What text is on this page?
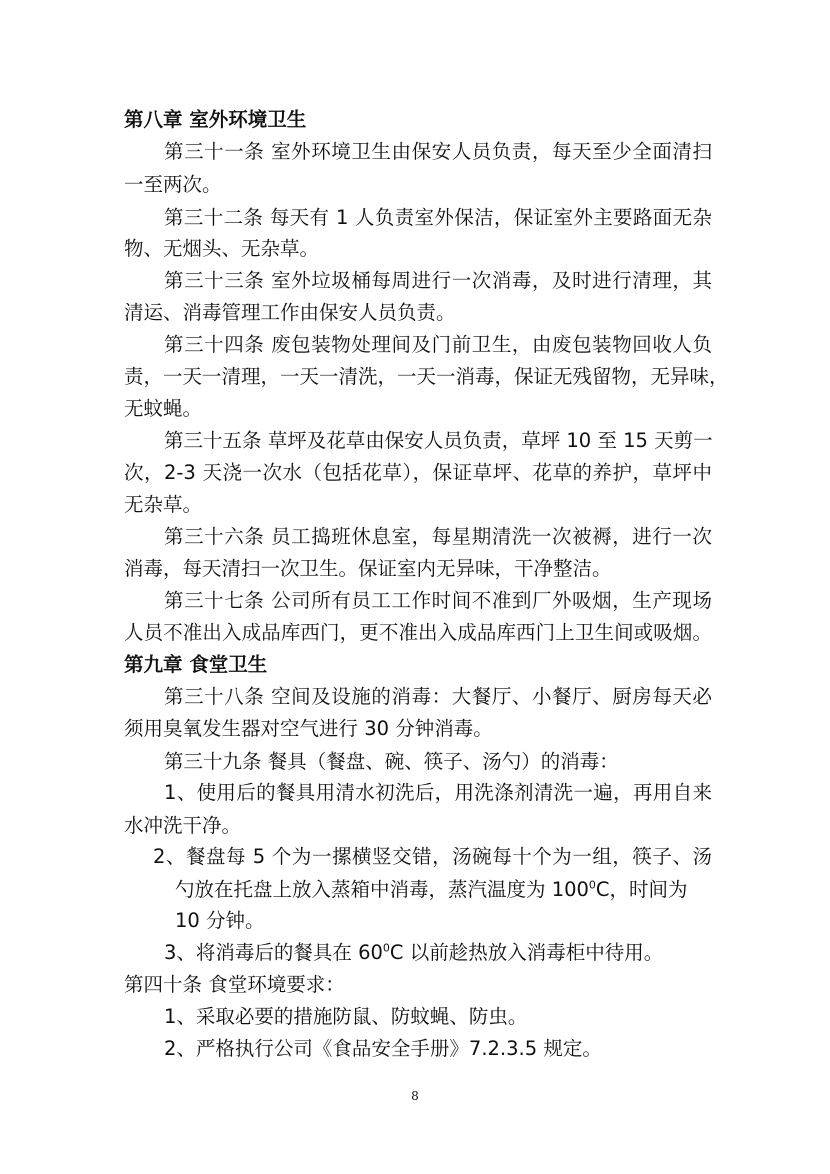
第八章 室外环境卫生
第三十一条 室外环境卫生由保安人员负责，每天至少全面清扫
一至两次。
第三十二条 每天有 1 人负责室外保洁，保证室外主要路面无杂
物、无烟头、无杂草。
第三十三条 室外垃圾桶每周进行一次消毒，及时进行清理，其
清运、消毒管理工作由保安人员负责。
第三十四条 废包装物处理间及门前卫生，由废包装物回收人负
责，一天一清理，一天一清洗，一天一消毒，保证无残留物，无异味，
无蚊蝇。
第三十五条 草坪及花草由保安人员负责，草坪 10 至 15 天剪一
次，2-3 天浇一次水（包括花草），保证草坪、花草的养护，草坪中
无杂草。
第三十六条 员工捣班休息室，每星期清洗一次被褥，进行一次
消毒，每天清扫一次卫生。保证室内无异味，干净整洁。
第三十七条 公司所有员工工作时间不准到厂外吸烟，生产现场
人员不准出入成品库西门，更不准出入成品库西门上卫生间或吸烟。
第九章 食堂卫生
第三十八条 空间及设施的消毒：大餐厅、小餐厅、厨房每天必
须用臭氧发生器对空气进行 30 分钟消毒。
第三十九条 餐具（餐盘、碗、筷子、汤勺）的消毒：
1、使用后的餐具用清水初洗后，用洗涤剂清洗一遍，再用自来
水冲洗干净。
2、餐盘每 5 个为一摞横竖交错，汤碗每十个为一组，筷子、汤
勺放在托盘上放入蒸箱中消毒，蒸汽温度为 $100^0C$，时间为
10 分钟。
3、将消毒后的餐具在 $60^0C$ 以前趁热放入消毒柜中待用。
第四十条 食堂环境要求：
1、采取必要的措施防鼠、防蚊蝇、防虫。
2、严格执行公司《食品安全手册》7.2.3.5 规定。
8
